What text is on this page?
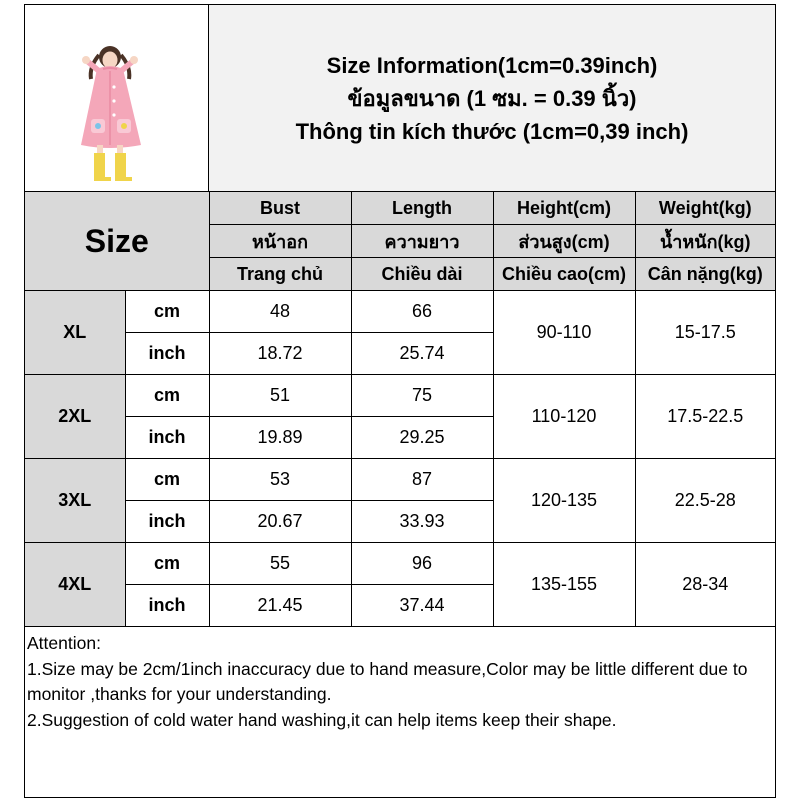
Size Information(1cm=0.39inch)
ข้อมูลขนาด (1 ซม. = 0.39 นิ้ว)
Thông tin kích thước (1cm=0,39 inch)
Size		Bust	Length	Height(cm)	Weight(kg)
		หน้าอก	ความยาว	ส่วนสูง(cm)	น้ำหนัก(kg)
		Trang chủ	Chiều dài	Chiều cao(cm)	Cân nặng(kg)
XL	cm	48	66	90-110	15-17.5
	inch	18.72	25.74		
2XL	cm	51	75	110-120	17.5-22.5
	inch	19.89	29.25		
3XL	cm	53	87	120-135	22.5-28
	inch	20.67	33.93		
4XL	cm	55	96	135-155	28-34
	inch	21.45	37.44		
Attention:
1.Size may be 2cm/1inch inaccuracy due to hand measure,Color may be little different due to monitor ,thanks for your understanding.
2.Suggestion of cold water hand washing,it can help items keep their shape.
